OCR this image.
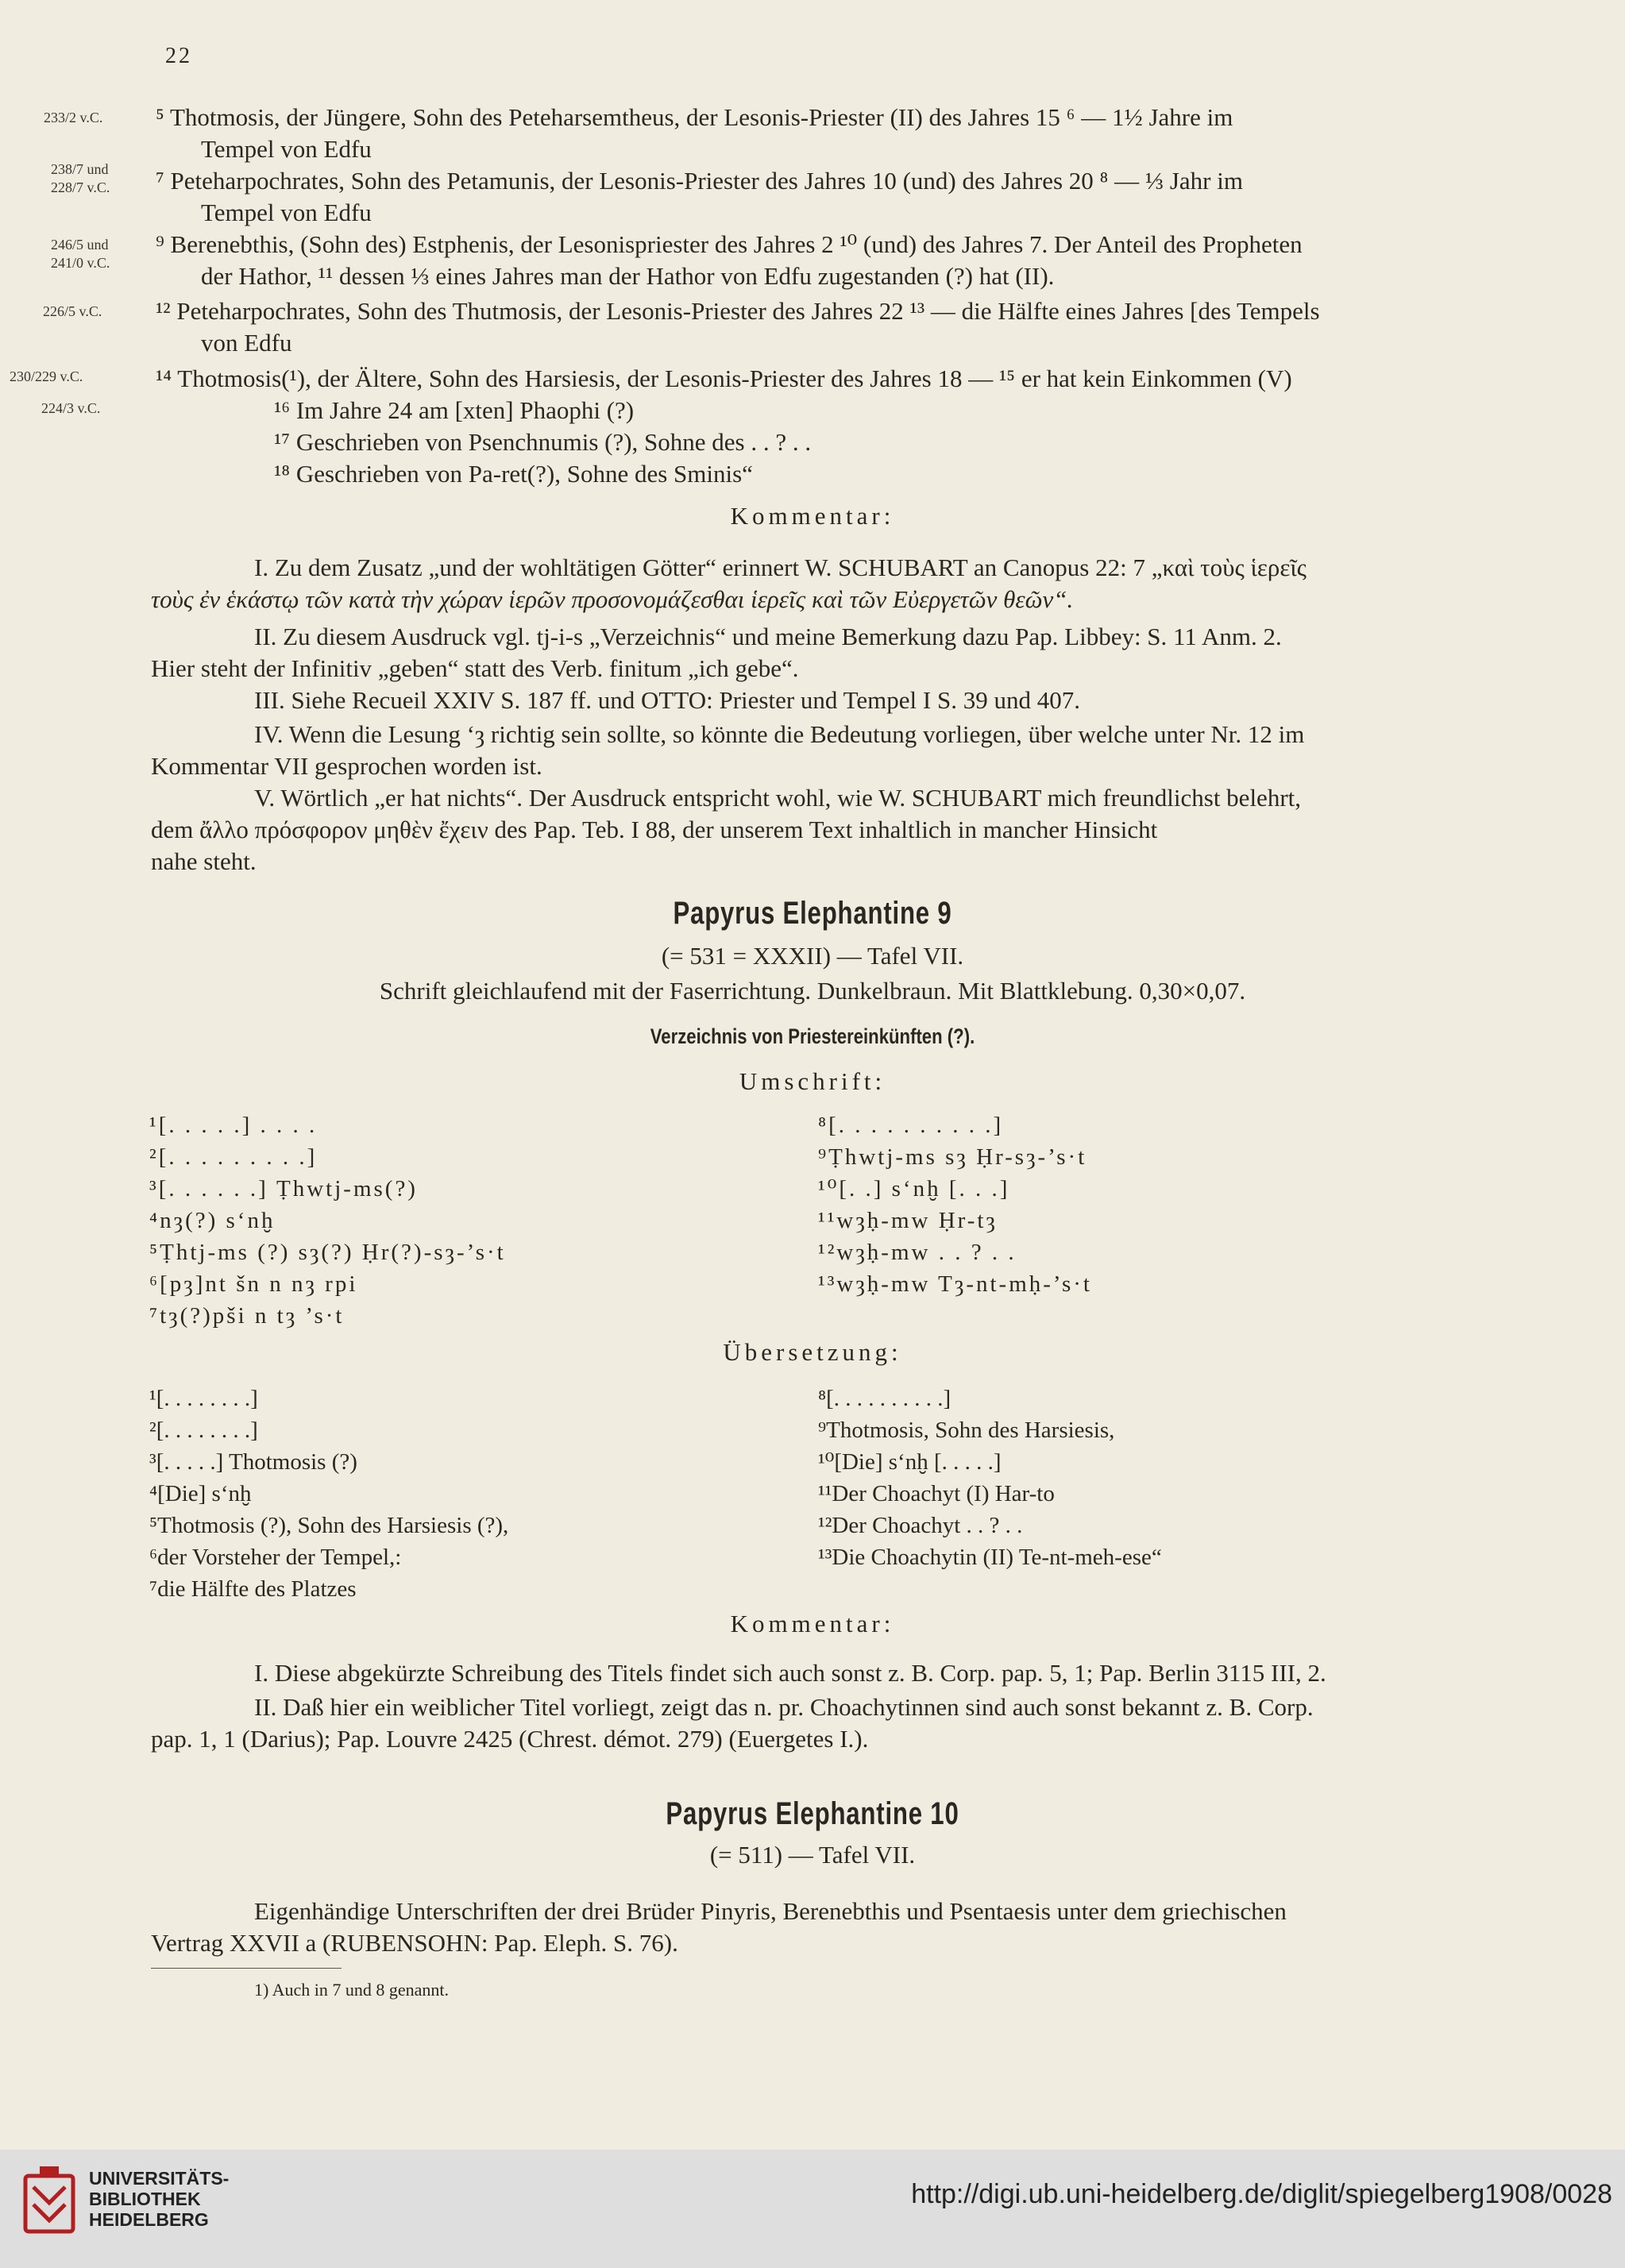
22
233/2 v.C.
238/7 und
228/7 v.C.
246/5 und
241/0 v.C.
226/5 v.C.
230/229 v.C.
224/3 v.C.
⁵ Thotmosis, der Jüngere, Sohn des Peteharsemtheus, der Lesonis-Priester (II) des Jahres 15 ⁶ — 1½ Jahre im
Tempel von Edfu
⁷ Peteharpochrates, Sohn des Petamunis, der Lesonis-Priester des Jahres 10 (und) des Jahres 20 ⁸ — ⅓ Jahr im
Tempel von Edfu
⁹ Berenebthis, (Sohn des) Estphenis, der Lesonispriester des Jahres 2 ¹⁰ (und) des Jahres 7. Der Anteil des Propheten
der Hathor, ¹¹ dessen ⅓ eines Jahres man der Hathor von Edfu zugestanden (?) hat (II).
¹² Peteharpochrates, Sohn des Thutmosis, der Lesonis-Priester des Jahres 22 ¹³ — die Hälfte eines Jahres [des Tempels
von Edfu
¹⁴ Thotmosis(¹), der Ältere, Sohn des Harsiesis, der Lesonis-Priester des Jahres 18 — ¹⁵ er hat kein Einkommen (V)
¹⁶ Im Jahre 24 am [xten] Phaophi (?)
¹⁷ Geschrieben von Psenchnumis (?), Sohne des . . ? . .
¹⁸ Geschrieben von Pa-ret(?), Sohne des Sminis“
Kommentar:
I. Zu dem Zusatz „und der wohltätigen Götter“ erinnert W. SCHUBART an Canopus 22: 7 „καὶ τοὺς ἱερεῖς
τοὺς ἐν ἑκάστῳ τῶν κατὰ τὴν χώραν ἱερῶν προσονομάζεσθαι ἱερεῖς καὶ τῶν Εὐεργετῶν θεῶν“.
II. Zu diesem Ausdruck vgl. tj-i-s „Verzeichnis“ und meine Bemerkung dazu Pap. Libbey: S. 11 Anm. 2.
Hier steht der Infinitiv „geben“ statt des Verb. finitum „ich gebe“.
III. Siehe Recueil XXIV S. 187 ff. und OTTO: Priester und Tempel I S. 39 und 407.
IV. Wenn die Lesung ‘ȝ richtig sein sollte, so könnte die Bedeutung vorliegen, über welche unter Nr. 12 im
Kommentar VII gesprochen worden ist.
V. Wörtlich „er hat nichts“. Der Ausdruck entspricht wohl, wie W. SCHUBART mich freundlichst belehrt,
dem ἄλλο πρόσφορον μηθὲν ἔχειν des Pap. Teb. I 88, der unserem Text inhaltlich in mancher Hinsicht
nahe steht.
Papyrus Elephantine 9
(= 531 = XXXII) — Tafel VII.
Schrift gleichlaufend mit der Faserrichtung. Dunkelbraun. Mit Blattklebung. 0,30×0,07.
Verzeichnis von Priestereinkünften (?).
Umschrift:
¹[. . . . .] . . . .
²[. . . . . . . . .]
³[. . . . . .] Ṭhwtj-ms(?)
⁴nȝ(?) s‘nḫ
⁵Ṭhtj-ms (?) sȝ(?) Ḥr(?)-sȝ-’s·t
⁶[pȝ]nt šn n nȝ rpi
⁷tȝ(?)pši n tȝ ’s·t
⁸[. . . . . . . . . .]
⁹Ṭhwtj-ms sȝ Ḥr-sȝ-’s·t
¹⁰[. .] s‘nḫ [. . .]
¹¹wȝḥ-mw Ḥr-tȝ
¹²wȝḥ-mw . . ? . .
¹³wȝḥ-mw Tȝ-nt-mḥ-’s·t
Übersetzung:
¹[. . . . . . . .]
²[. . . . . . . .]
³[. . . . .] Thotmosis (?)
⁴[Die] s‘nḫ
⁵Thotmosis (?), Sohn des Harsiesis (?),
⁶der Vorsteher der Tempel,:
⁷die Hälfte des Platzes
⁸[. . . . . . . . . .]
⁹Thotmosis, Sohn des Harsiesis,
¹⁰[Die] s‘nḫ [. . . . .]
¹¹Der Choachyt (I) Har-to
¹²Der Choachyt . . ? . .
¹³Die Choachytin (II) Te-nt-meh-ese“
Kommentar:
I. Diese abgekürzte Schreibung des Titels findet sich auch sonst z. B. Corp. pap. 5, 1; Pap. Berlin 3115 III, 2.
II. Daß hier ein weiblicher Titel vorliegt, zeigt das n. pr. Choachytinnen sind auch sonst bekannt z. B. Corp.
pap. 1, 1 (Darius); Pap. Louvre 2425 (Chrest. démot. 279) (Euergetes I.).
Papyrus Elephantine 10
(= 511) — Tafel VII.
Eigenhändige Unterschriften der drei Brüder Pinyris, Berenebthis und Psentaesis unter dem griechischen
Vertrag XXVII a (RUBENSOHN: Pap. Eleph. S. 76).
1) Auch in 7 und 8 genannt.
UNIVERSITÄTS-
BIBLIOTHEK
HEIDELBERG
http://digi.ub.uni-heidelberg.de/diglit/spiegelberg1908/0028
